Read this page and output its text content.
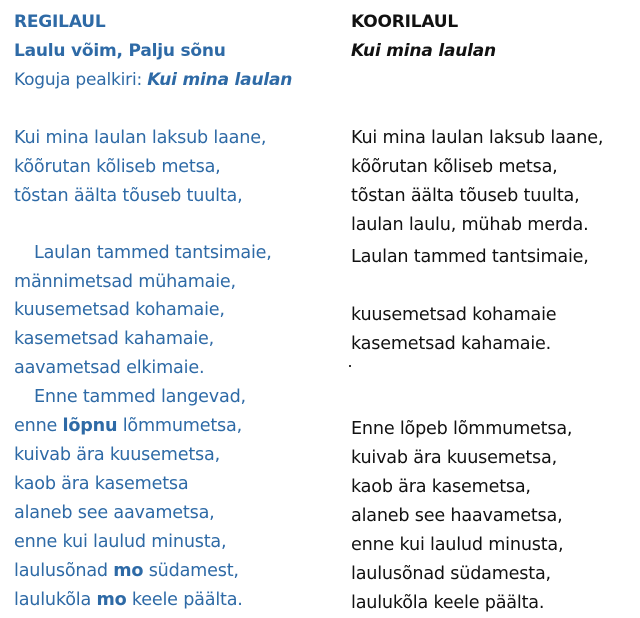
REGILAUL
Laulu võim, Palju sõnu
Koguja pealkiri: Kui mina laulan
Kui mina laulan laksub laane,
kõõrutan kõliseb metsa,
tõstan äälta tõuseb tuulta,
Laulan tammed tantsimaie,
männimetsad mühamaie,
kuusemetsad kohamaie,
kasemetsad kahamaie,
aavametsad elkimaie.
Enne tammed langevad,
enne lõpnu lõmmumetsa,
kuivab ära kuusemetsa,
kaob ära kasemetsa
alaneb see aavametsa,
enne kui laulud minusta,
laulusõnad mo südamest,
laulukõla mo keele päälta.
KOORILAUL
Kui mina laulan
Kui mina laulan laksub laane,
kõõrutan kõliseb metsa,
tõstan äälta tõuseb tuulta,
laulan laulu, mühab merda.
Laulan tammed tantsimaie,
kuusemetsad kohamaie
kasemetsad kahamaie.
Enne lõpeb lõmmumetsa,
kuivab ära kuusemetsa,
kaob ära kasemetsa,
alaneb see haavametsa,
enne kui laulud minusta,
laulusõnad südamesta,
laulukõla keele päälta.
